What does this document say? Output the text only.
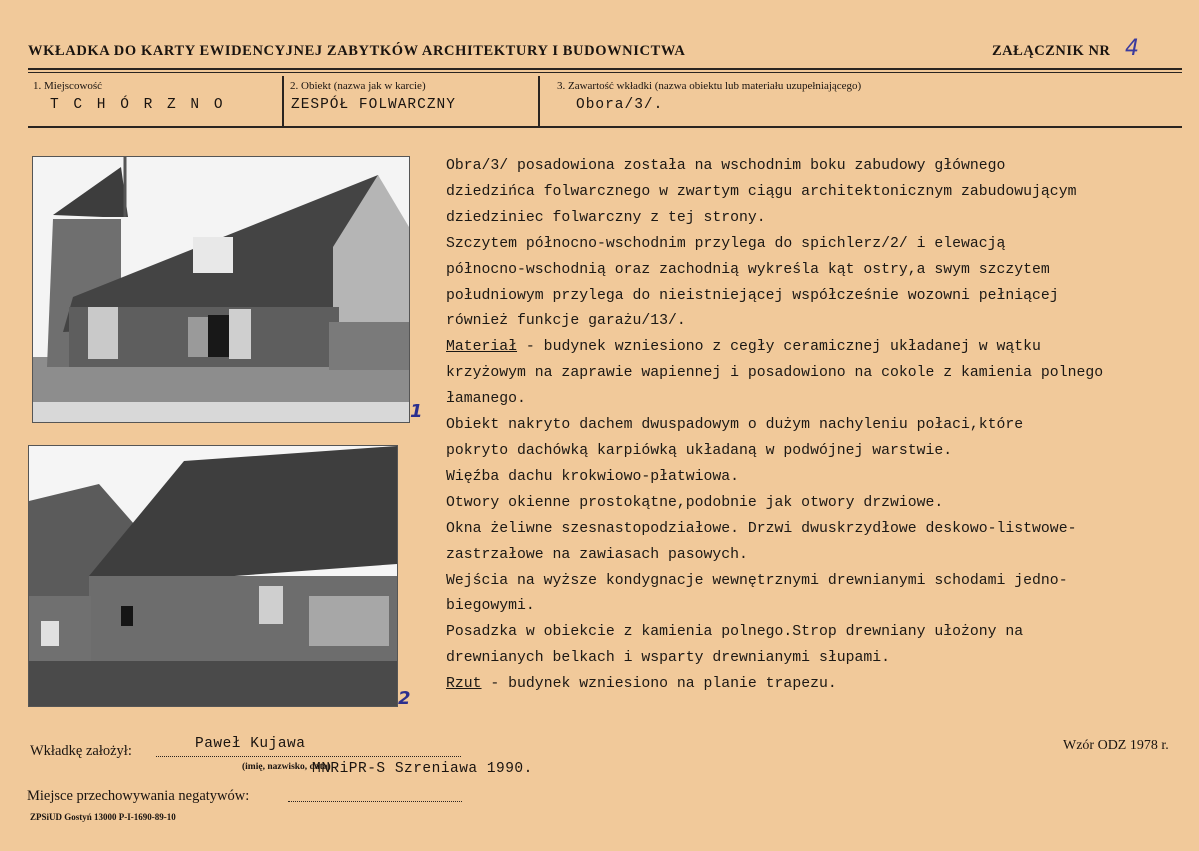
WKŁADKA DO KARTY EWIDENCYJNEJ ZABYTKÓW ARCHITEKTURY I BUDOWNICTWA	ZAŁĄCZNIK NR 4
1. Miejscowość
T C H Ó R Z N O
2. Obiekt (nazwa jak w karcie)
ZESPÓŁ FOLWARCZNY
3. Zawartość wkładki (nazwa obiektu lub materiału uzupełniającego)
Obora/3/.
1
2
Obra/3/ posadowiona została na wschodnim boku zabudowy głównego
dziedzińca folwarcznego w zwartym ciągu architektonicznym zabudowującym
dziedziniec folwarczny z tej strony.
Szczytem północno-wschodnim przylega do spichlerz/2/ i elewacją
północno-wschodnią oraz zachodnią wykreśla kąt ostry,a swym szczytem
południowym przylega do nieistniejącej współcześnie wozowni pełniącej
również funkcje garażu/13/.
Materiał - budynek wzniesiono z cegły ceramicznej układanej w wątku
krzyżowym na zaprawie wapiennej i posadowiono na cokole z kamienia polnego
łamanego.
Obiekt nakryto dachem dwuspadowym o dużym nachyleniu połaci,które
pokryto dachówką karpiówką układaną w podwójnej warstwie.
Więźba dachu krokwiowo-płatwiowa.
Otwory okienne prostokątne,podobnie jak otwory drzwiowe.
Okna żeliwne szesnastopodziałowe. Drzwi dwuskrzydłowe deskowo-listwowe-
zastrzałowe na zawiasach pasowych.
Wejścia na wyższe kondygnacje wewnętrznymi drewnianymi schodami jedno-
biegowymi.
Posadzka w obiekcie z kamienia polnego.Strop drewniany ułożony na
drewnianych belkach i wsparty drewnianymi słupami.
Rzut - budynek wzniesiono na planie trapezu.
Wkładkę założył:	Paweł Kujawa
(imię, nazwisko, data)
MNRiPR-S Szreniawa 1990.
Wzór ODZ 1978 r.
Miejsce przechowywania negatywów:
ZPSiUD Gostyń 13000 P-I-1690-89-10
